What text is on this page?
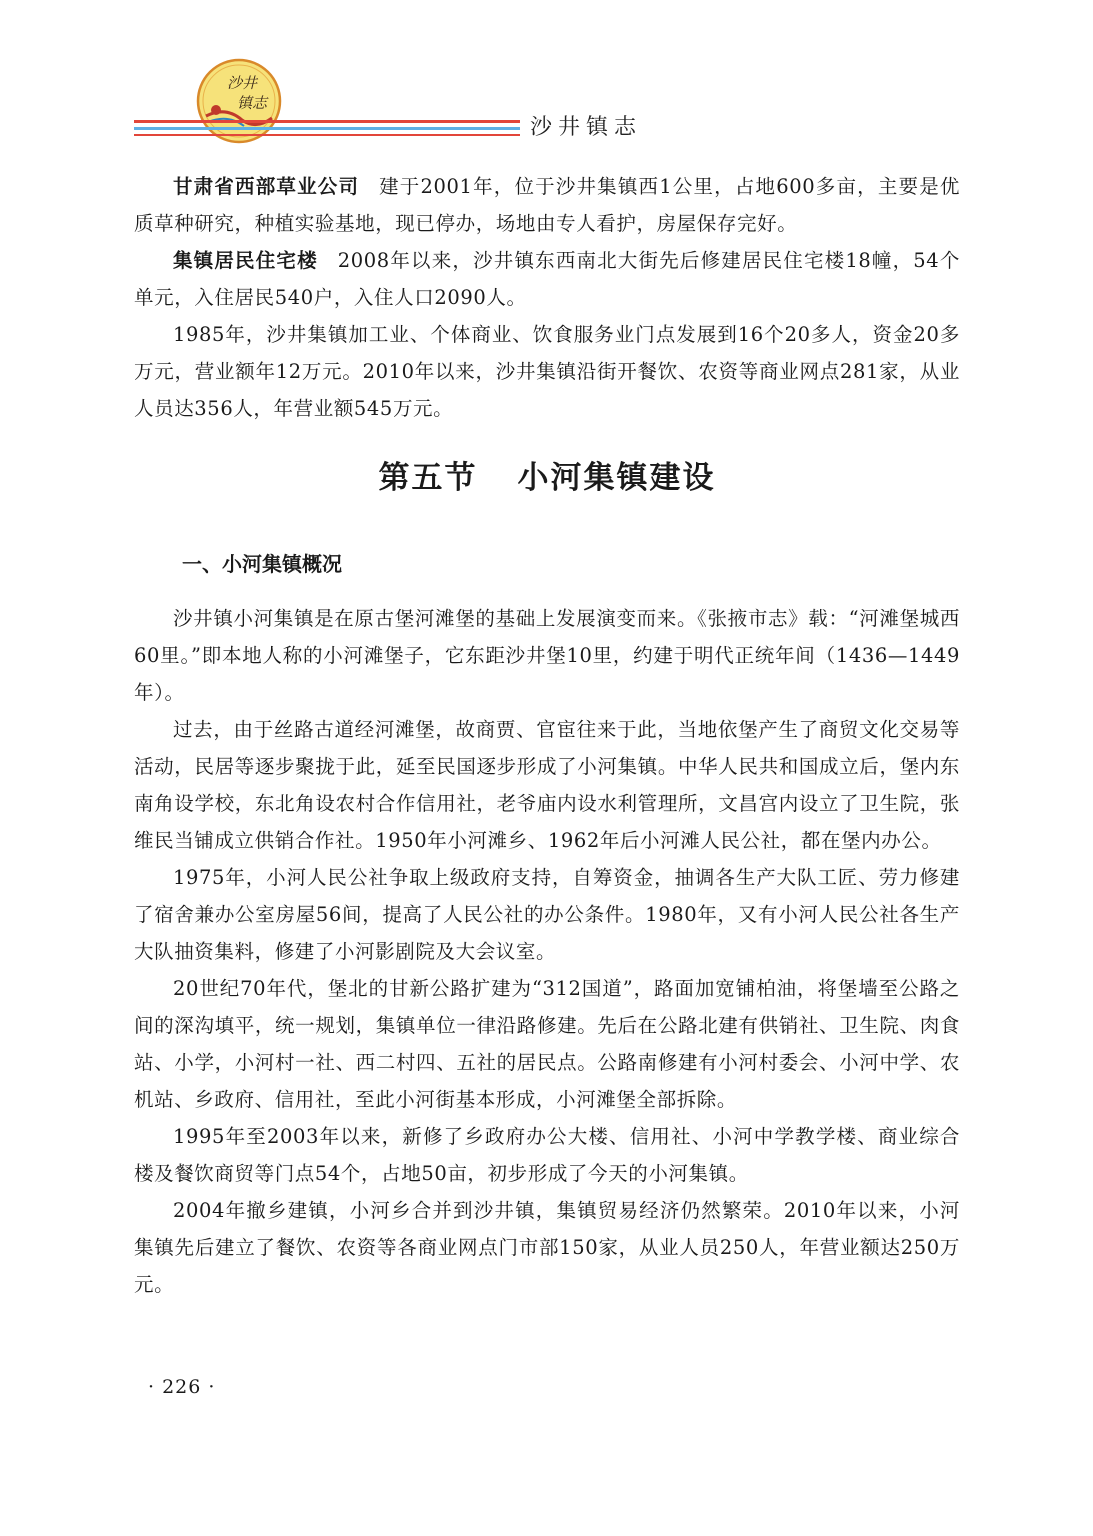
沙井
镇志
沙井镇志

甘肃省西部草业公司 建于2001年，位于沙井集镇西1公里，占地600多亩，主要是优质草种研究，种植实验基地，现已停办，场地由专人看护，房屋保存完好。

集镇居民住宅楼 2008年以来，沙井镇东西南北大街先后修建居民住宅楼18幢，54个单元，入住居民540户，入住人口2090人。

1985年，沙井集镇加工业、个体商业、饮食服务业门点发展到16个20多人，资金20多万元，营业额年12万元。2010年以来，沙井集镇沿街开餐饮、农资等商业网点281家，从业人员达356人，年营业额545万元。

第五节 小河集镇建设
一、小河集镇概况

沙井镇小河集镇是在原古堡河滩堡的基础上发展演变而来。《张掖市志》载：“河滩堡城西60里。”即本地人称的小河滩堡子，它东距沙井堡10里，约建于明代正统年间（1436—1449年）。

过去，由于丝路古道经河滩堡，故商贾、官宦往来于此，当地依堡产生了商贸文化交易等活动，民居等逐步聚拢于此，延至民国逐步形成了小河集镇。中华人民共和国成立后，堡内东南角设学校，东北角设农村合作信用社，老爷庙内设水利管理所，文昌宫内设立了卫生院，张维民当铺成立供销合作社。1950年小河滩乡、1962年后小河滩人民公社，都在堡内办公。

1975年，小河人民公社争取上级政府支持，自筹资金，抽调各生产大队工匠、劳力修建了宿舍兼办公室房屋56间，提高了人民公社的办公条件。1980年，又有小河人民公社各生产大队抽资集料，修建了小河影剧院及大会议室。

20世纪70年代，堡北的甘新公路扩建为“312国道”，路面加宽铺柏油，将堡墙至公路之间的深沟填平，统一规划，集镇单位一律沿路修建。先后在公路北建有供销社、卫生院、肉食站、小学，小河村一社、西二村四、五社的居民点。公路南修建有小河村委会、小河中学、农机站、乡政府、信用社，至此小河街基本形成，小河滩堡全部拆除。

1995年至2003年以来，新修了乡政府办公大楼、信用社、小河中学教学楼、商业综合楼及餐饮商贸等门点54个，占地50亩，初步形成了今天的小河集镇。

2004年撤乡建镇，小河乡合并到沙井镇，集镇贸易经济仍然繁荣。2010年以来，小河集镇先后建立了餐饮、农资等各商业网点门市部150家，从业人员250人，年营业额达250万元。

· 226 ·
